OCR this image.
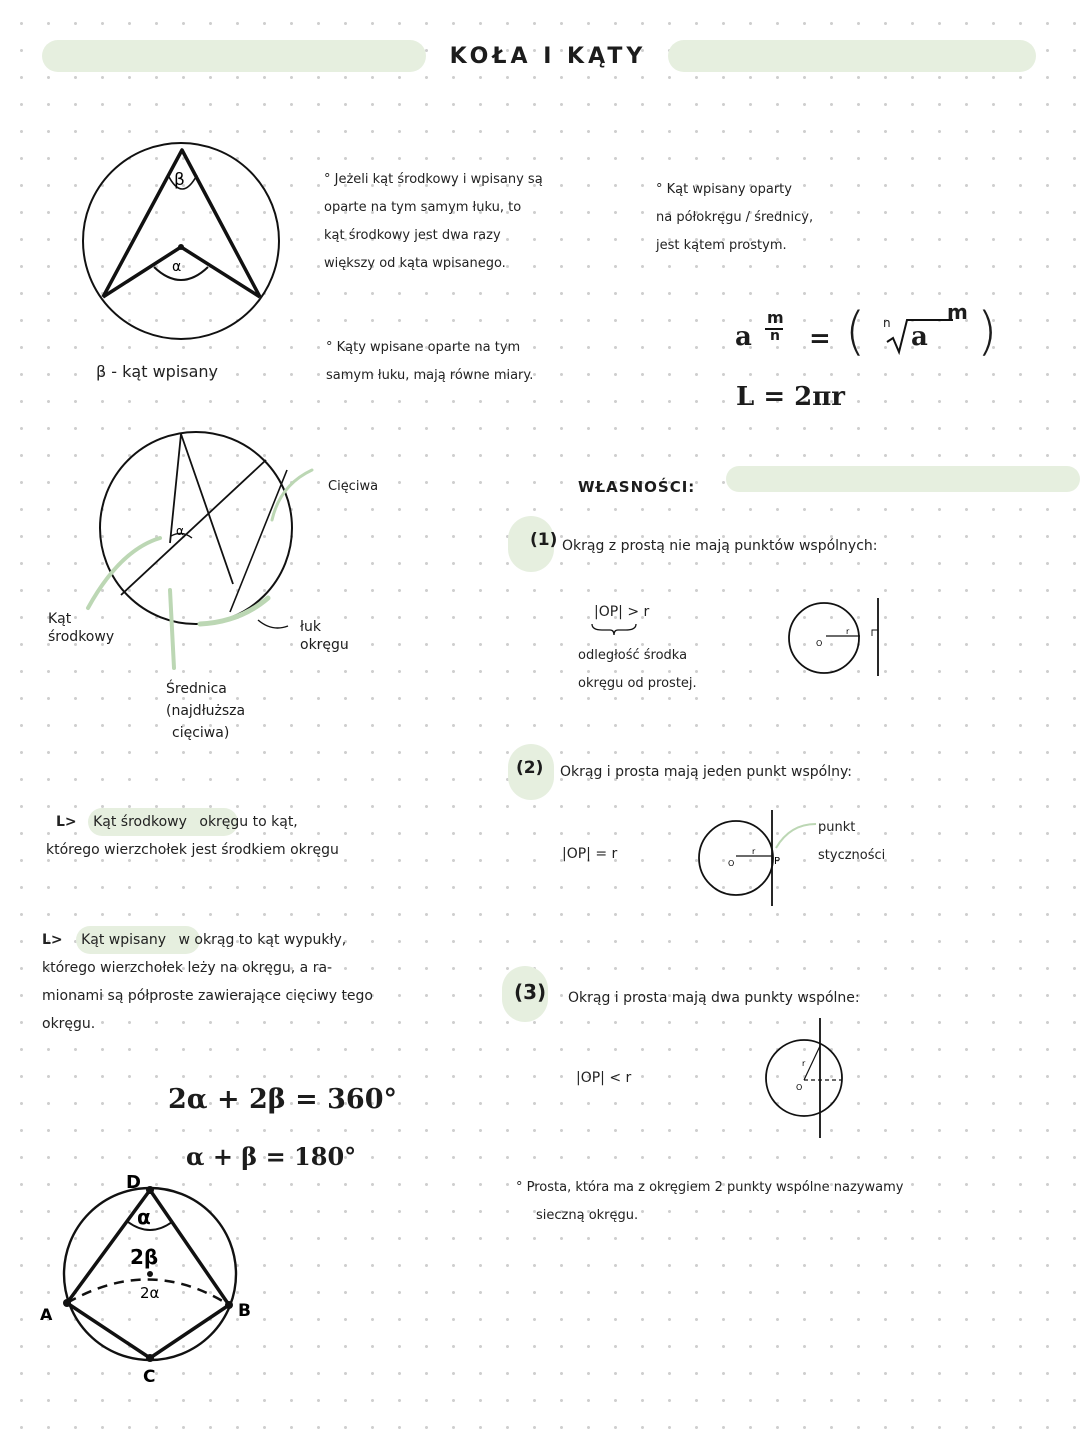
KOŁA I KĄTY
β
α
β - kąt wpisany
° Jeżeli kąt środkowy i wpisany są
oparte na tym samym łuku, to
kąt środkowy jest dwa razy
większy od kąta wpisanego.
° Kąty wpisane oparte na tym
samym łuku, mają równe miary.
° Kąt wpisany oparty
na półokręgu / średnicy,
jest kątem prostym.
a
m
n = ( n a
m )
L = 2πr
α
Cięciwa
Kąt
środkowy
łuk
okręgu
Średnica
(najdłuższa
cięciwa)
L> Kąt środkowy okręgu to kąt,
którego wierzchołek jest środkiem okręgu
L> Kąt wpisany w okrąg to kąt wypukły,
którego wierzchołek leży na okręgu, a ra-
mionami są półproste zawierające cięciwy tego
okręgu.
2α + 2β = 360°
α + β = 180°
D
α
2β
2α
A	B
C
WŁASNOŚCI:
(1) Okrąg z prostą nie mają punktów wspólnych:
|OP| > r
odległość środka
okręgu od prostej.
O
r
(2) Okrąg i prosta mają jeden punkt wspólny:
|OP| = r
O
r
P
punkt
styczności
(3) Okrąg i prosta mają dwa punkty wspólne:
|OP| < r
O
r
° Prosta, która ma z okręgiem 2 punkty wspólne nazywamy
sieczną okręgu.
